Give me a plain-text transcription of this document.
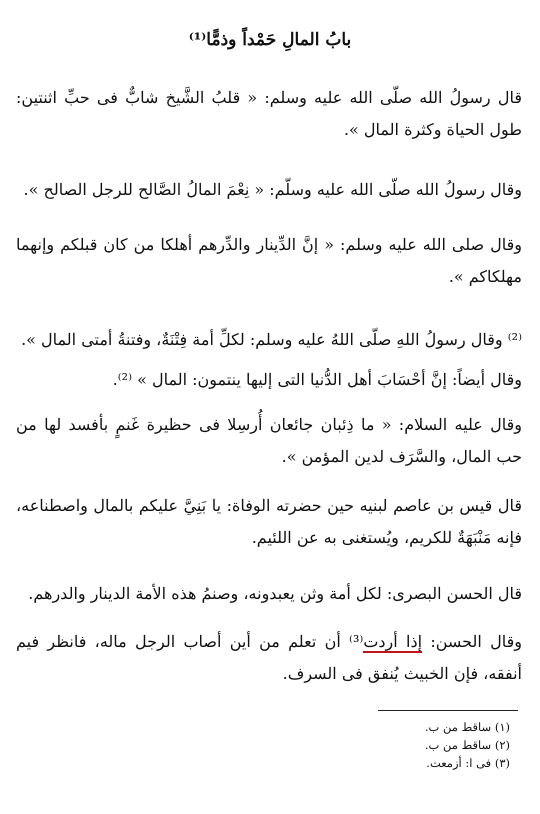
بابُ المالِ حَمْداً وذمًّا⁽¹⁾
قال رسولُ الله صلّى الله عليه وسلم: « قلبُ الشَّيخ شابٌّ فى حبِّ اثنتين: طول الحياة وكثرة المال ».
وقال رسولُ الله صلّى الله عليه وسلّم: « نِعْمَ المالُ الصَّالح للرجل الصالح ».
وقال صلى الله عليه وسلم: « إنَّ الدِّينار والدِّرهم أهلكا من كان قبلكم وإنهما مهلكاكم ».
⁽²⁾ وقال رسولُ اللهِ صلّى اللهُ عليه وسلم: لكلِّ أمة فِتْنَةٌ، وفتنةُ أمتى المال ».
وقال أيضاً: إنَّ أحْسَابَ أهل الدُّنيا التى إليها ينتمون: المال » ⁽²⁾.
وقال عليه السلام: « ما ذِئبان جائعان أُرسِلا فى حظيرة غَنمٍ بأفسد لها من حب المال، والسَّرَف لدين المؤمن ».
قال قيس بن عاصم لبنيه حين حضرته الوفاة: يا بَنِيَّ عليكم بالمال واصطناعه، فإنه مَنْبَهَةٌ للكريم، ويُستغنى به عن اللئيم.
قال الحسن البصرى: لكل أمة وثن يعبدونه، وصنمُ هذه الأمة الدينار والدرهم.
وقال الحسن: إذا أردت⁽³⁾ أن تعلم من أين أصاب الرجل ماله، فانظر فيم أنفقه، فإن الخبيث يُنفق فى السرف.
(١) ساقط من ب.
(٢) ساقط من ب.
(٣) فى ا: أزمعت.
